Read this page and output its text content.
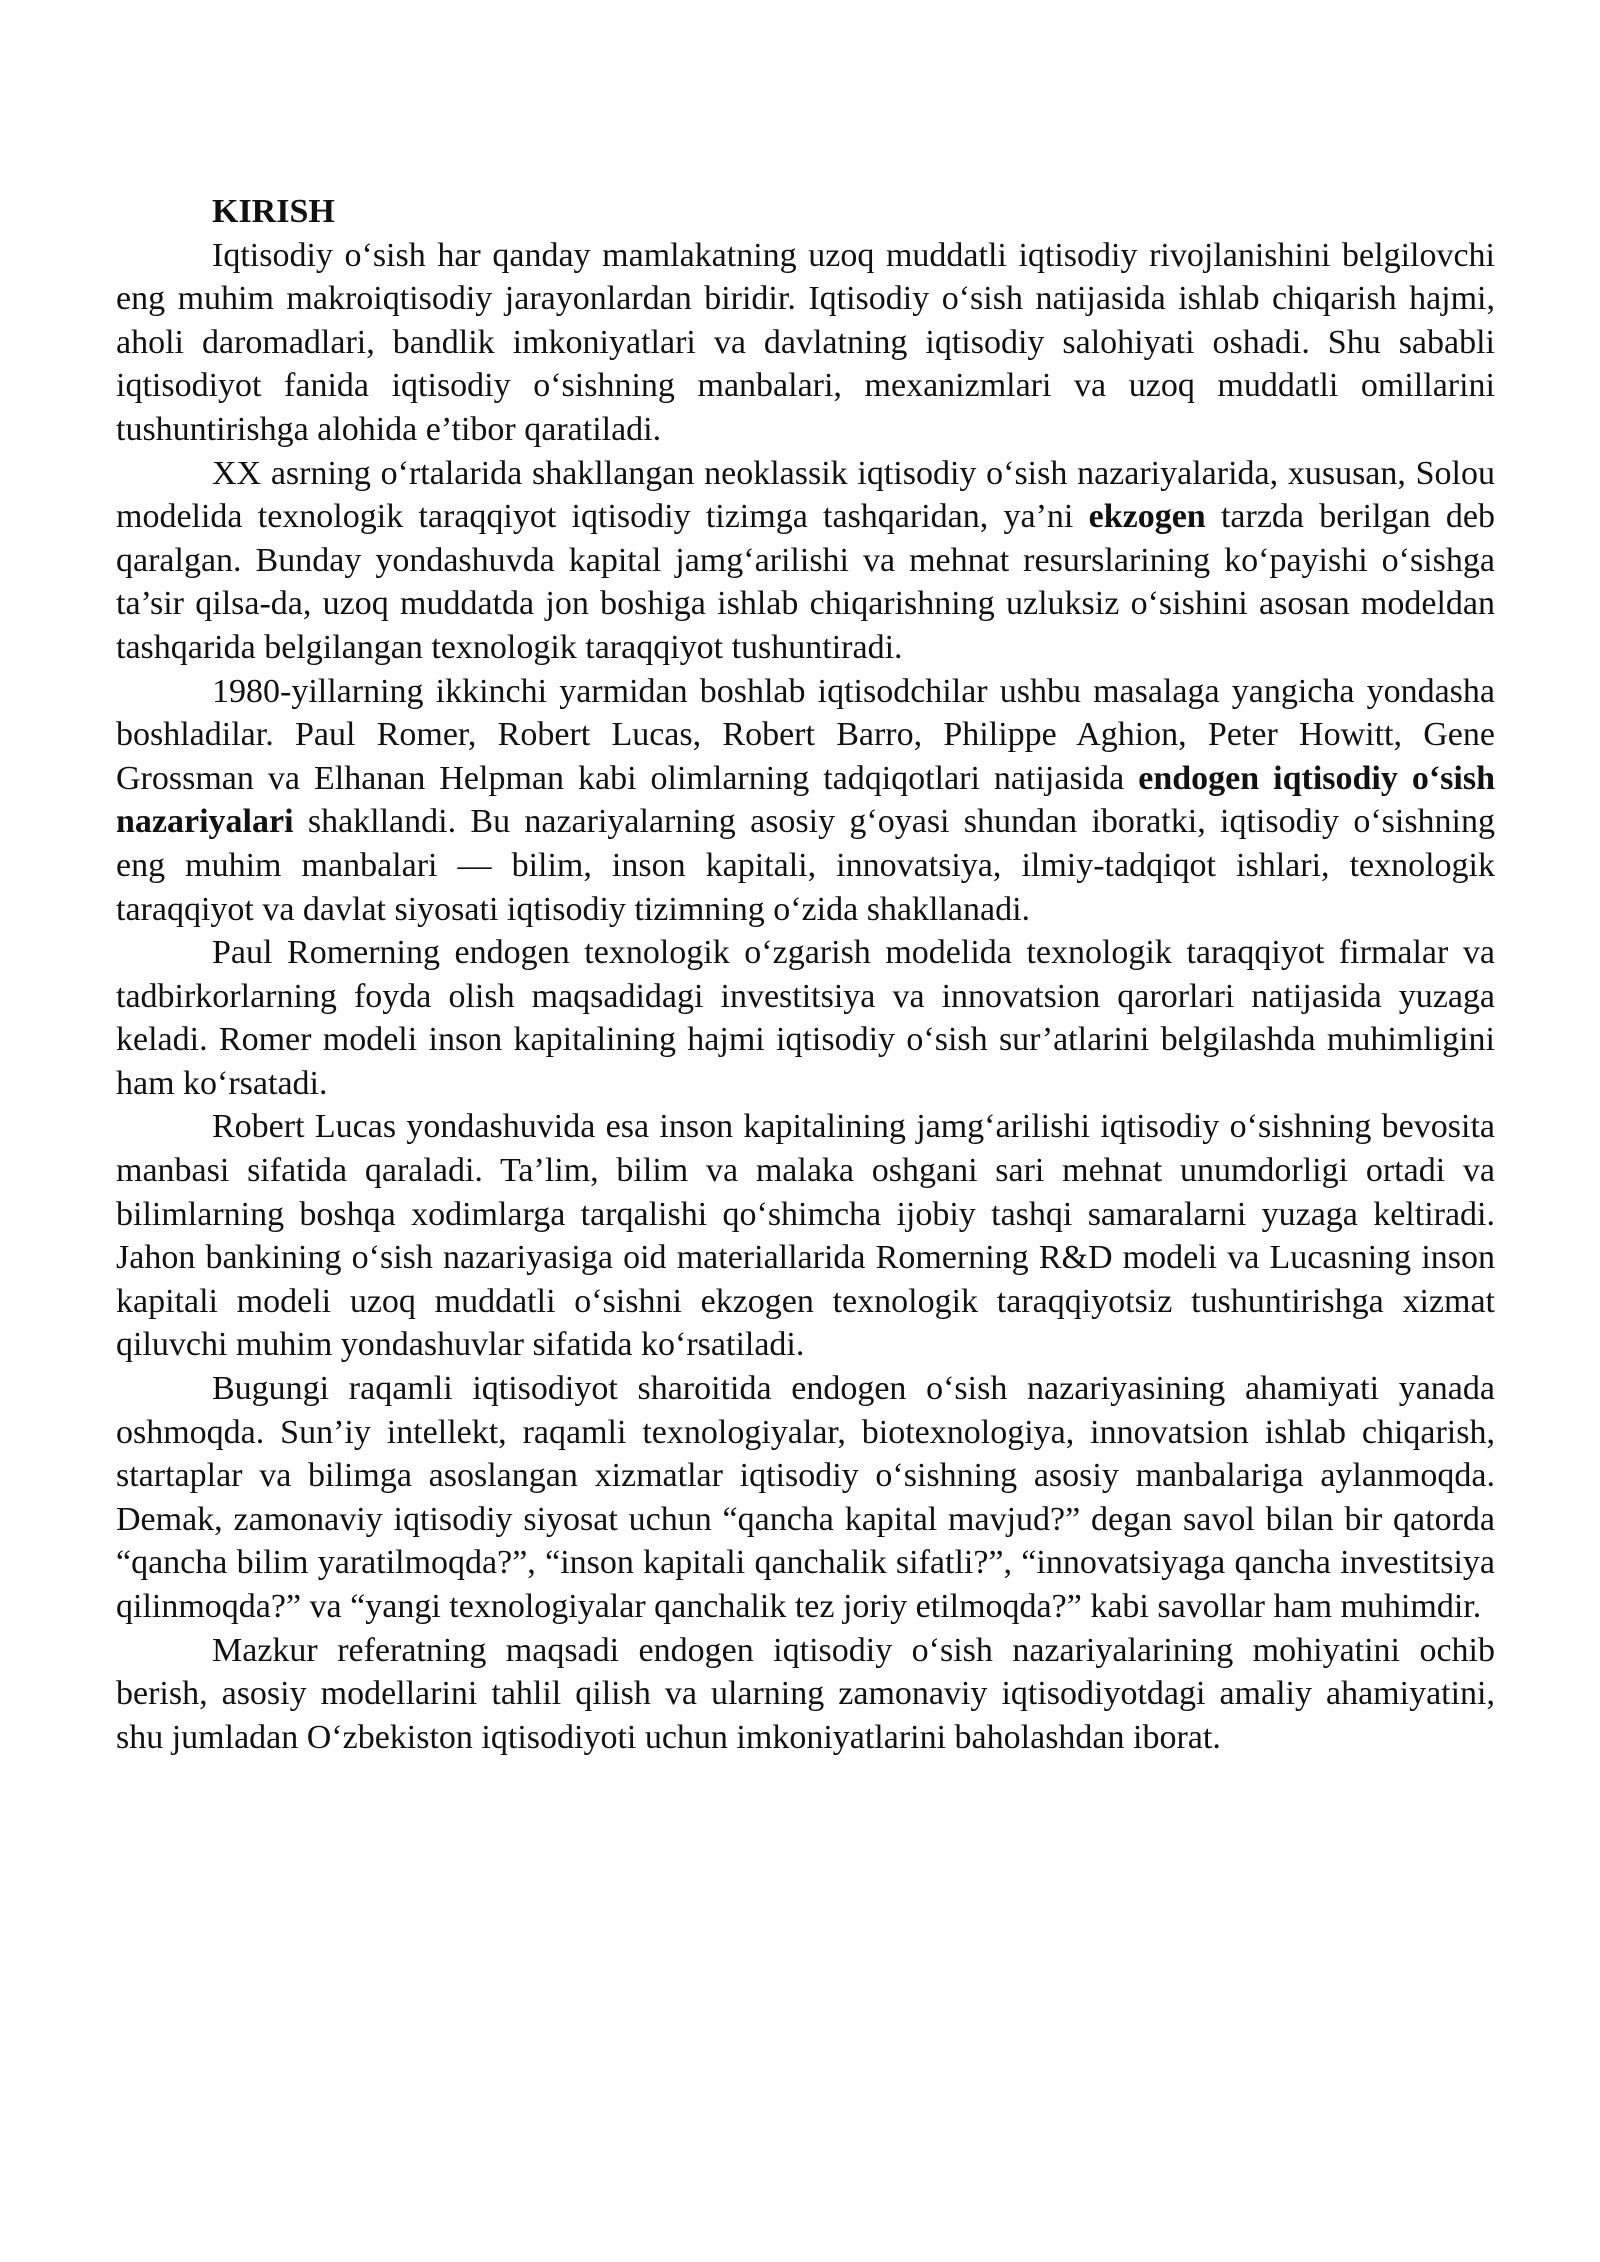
KIRISH

Iqtisodiy o‘sish har qanday mamlakatning uzoq muddatli iqtisodiy rivojlanishini belgilovchi eng muhim makroiqtisodiy jarayonlardan biridir. Iqtisodiy o‘sish natijasida ishlab chiqarish hajmi, aholi daromadlari, bandlik imkoniyatlari va davlatning iqtisodiy salohiyati oshadi. Shu sababli iqtisodiyot fanida iqtisodiy o‘sishning manbalari, mexanizmlari va uzoq muddatli omillarini tushuntirishga alohida e’tibor qaratiladi.

XX asrning o‘rtalarida shakllangan neoklassik iqtisodiy o‘sish nazariyalarida, xususan, Solou modelida texnologik taraqqiyot iqtisodiy tizimga tashqaridan, ya’ni ekzogen tarzda berilgan deb qaralgan. Bunday yondashuvda kapital jamg‘arilishi va mehnat resurslarining ko‘payishi o‘sishga ta’sir qilsa-da, uzoq muddatda jon boshiga ishlab chiqarishning uzluksiz o‘sishini asosan modeldan tashqarida belgilangan texnologik taraqqiyot tushuntiradi.

1980-yillarning ikkinchi yarmidan boshlab iqtisodchilar ushbu masalaga yangicha yondasha boshladilar. Paul Romer, Robert Lucas, Robert Barro, Philippe Aghion, Peter Howitt, Gene Grossman va Elhanan Helpman kabi olimlarning tadqiqotlari natijasida endogen iqtisodiy o‘sish nazariyalari shakllandi. Bu nazariyalarning asosiy g‘oyasi shundan iboratki, iqtisodiy o‘sishning eng muhim manbalari — bilim, inson kapitali, innovatsiya, ilmiy-tadqiqot ishlari, texnologik taraqqiyot va davlat siyosati iqtisodiy tizimning o‘zida shakllanadi.

Paul Romerning endogen texnologik o‘zgarish modelida texnologik taraqqiyot firmalar va tadbirkorlarning foyda olish maqsadidagi investitsiya va innovatsion qarorlari natijasida yuzaga keladi. Romer modeli inson kapitalining hajmi iqtisodiy o‘sish sur’atlarini belgilashda muhimligini ham ko‘rsatadi.

Robert Lucas yondashuvida esa inson kapitalining jamg‘arilishi iqtisodiy o‘sishning bevosita manbasi sifatida qaraladi. Ta’lim, bilim va malaka oshgani sari mehnat unumdorligi ortadi va bilimlarning boshqa xodimlarga tarqalishi qo‘shimcha ijobiy tashqi samaralarni yuzaga keltiradi. Jahon bankining o‘sish nazariyasiga oid materiallarida Romerning R&D modeli va Lucasning inson kapitali modeli uzoq muddatli o‘sishni ekzogen texnologik taraqqiyotsiz tushuntirishga xizmat qiluvchi muhim yondashuvlar sifatida ko‘rsatiladi.

Bugungi raqamli iqtisodiyot sharoitida endogen o‘sish nazariyasining ahamiyati yanada oshmoqda. Sun’iy intellekt, raqamli texnologiyalar, biotexnologiya, innovatsion ishlab chiqarish, startaplar va bilimga asoslangan xizmatlar iqtisodiy o‘sishning asosiy manbalariga aylanmoqda. Demak, zamonaviy iqtisodiy siyosat uchun “qancha kapital mavjud?” degan savol bilan bir qatorda “qancha bilim yaratilmoqda?”, “inson kapitali qanchalik sifatli?”, “innovatsiyaga qancha investitsiya qilinmoqda?” va “yangi texnologiyalar qanchalik tez joriy etilmoqda?” kabi savollar ham muhimdir.

Mazkur referatning maqsadi endogen iqtisodiy o‘sish nazariyalarining mohiyatini ochib berish, asosiy modellarini tahlil qilish va ularning zamonaviy iqtisodiyotdagi amaliy ahamiyatini, shu jumladan O‘zbekiston iqtisodiyoti uchun imkoniyatlarini baholashdan iborat.
